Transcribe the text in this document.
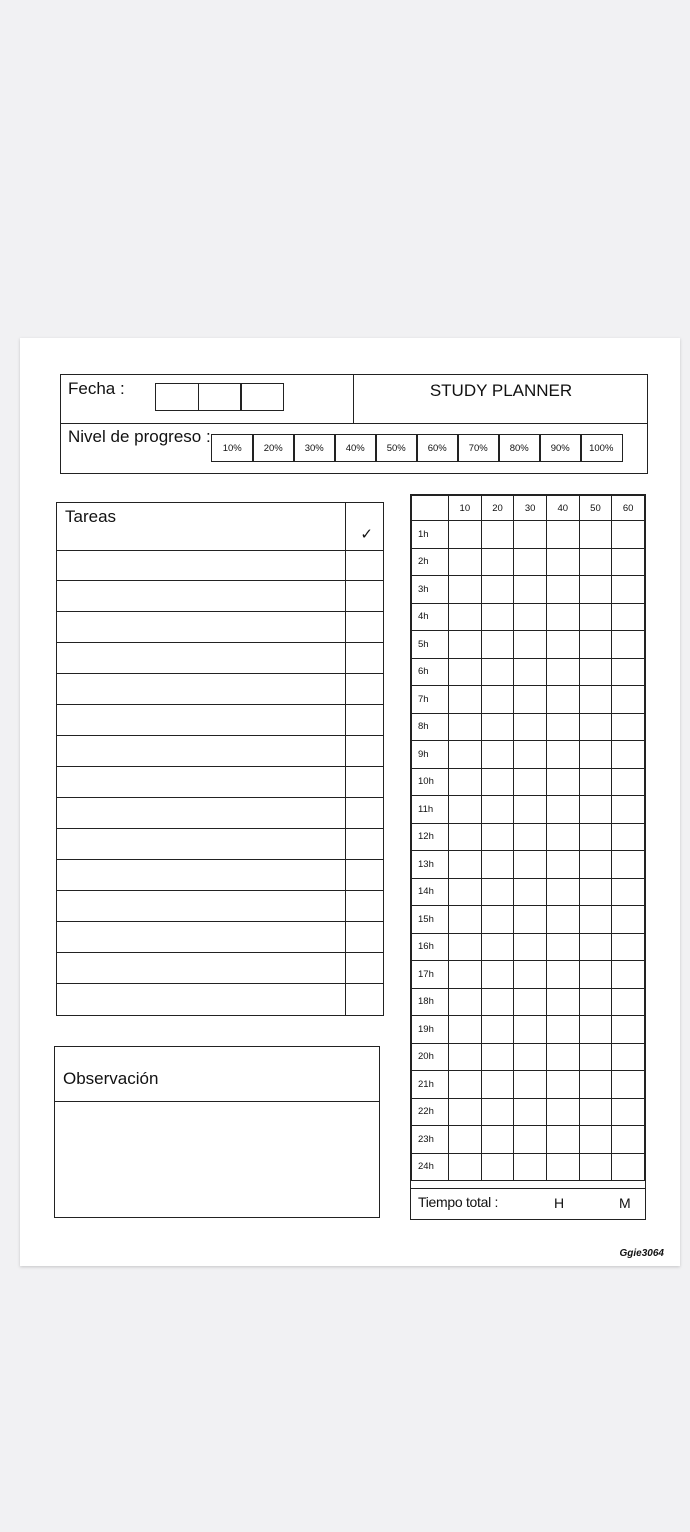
Fecha :	STUDY PLANNER
Nivel de progreso :
10%	20%	30%	40%	50%	60%	70%	80%	90%	100%
Tareas
✓
Observación
	10	20	30	40	50	60
1h						
2h						
3h						
4h						
5h						
6h						
7h						
8h						
9h						
10h						
11h						
12h						
13h						
14h						
15h						
16h						
17h						
18h						
19h						
20h						
21h						
22h						
23h						
24h						
Tiempo total :	H	M
Ggie3064
